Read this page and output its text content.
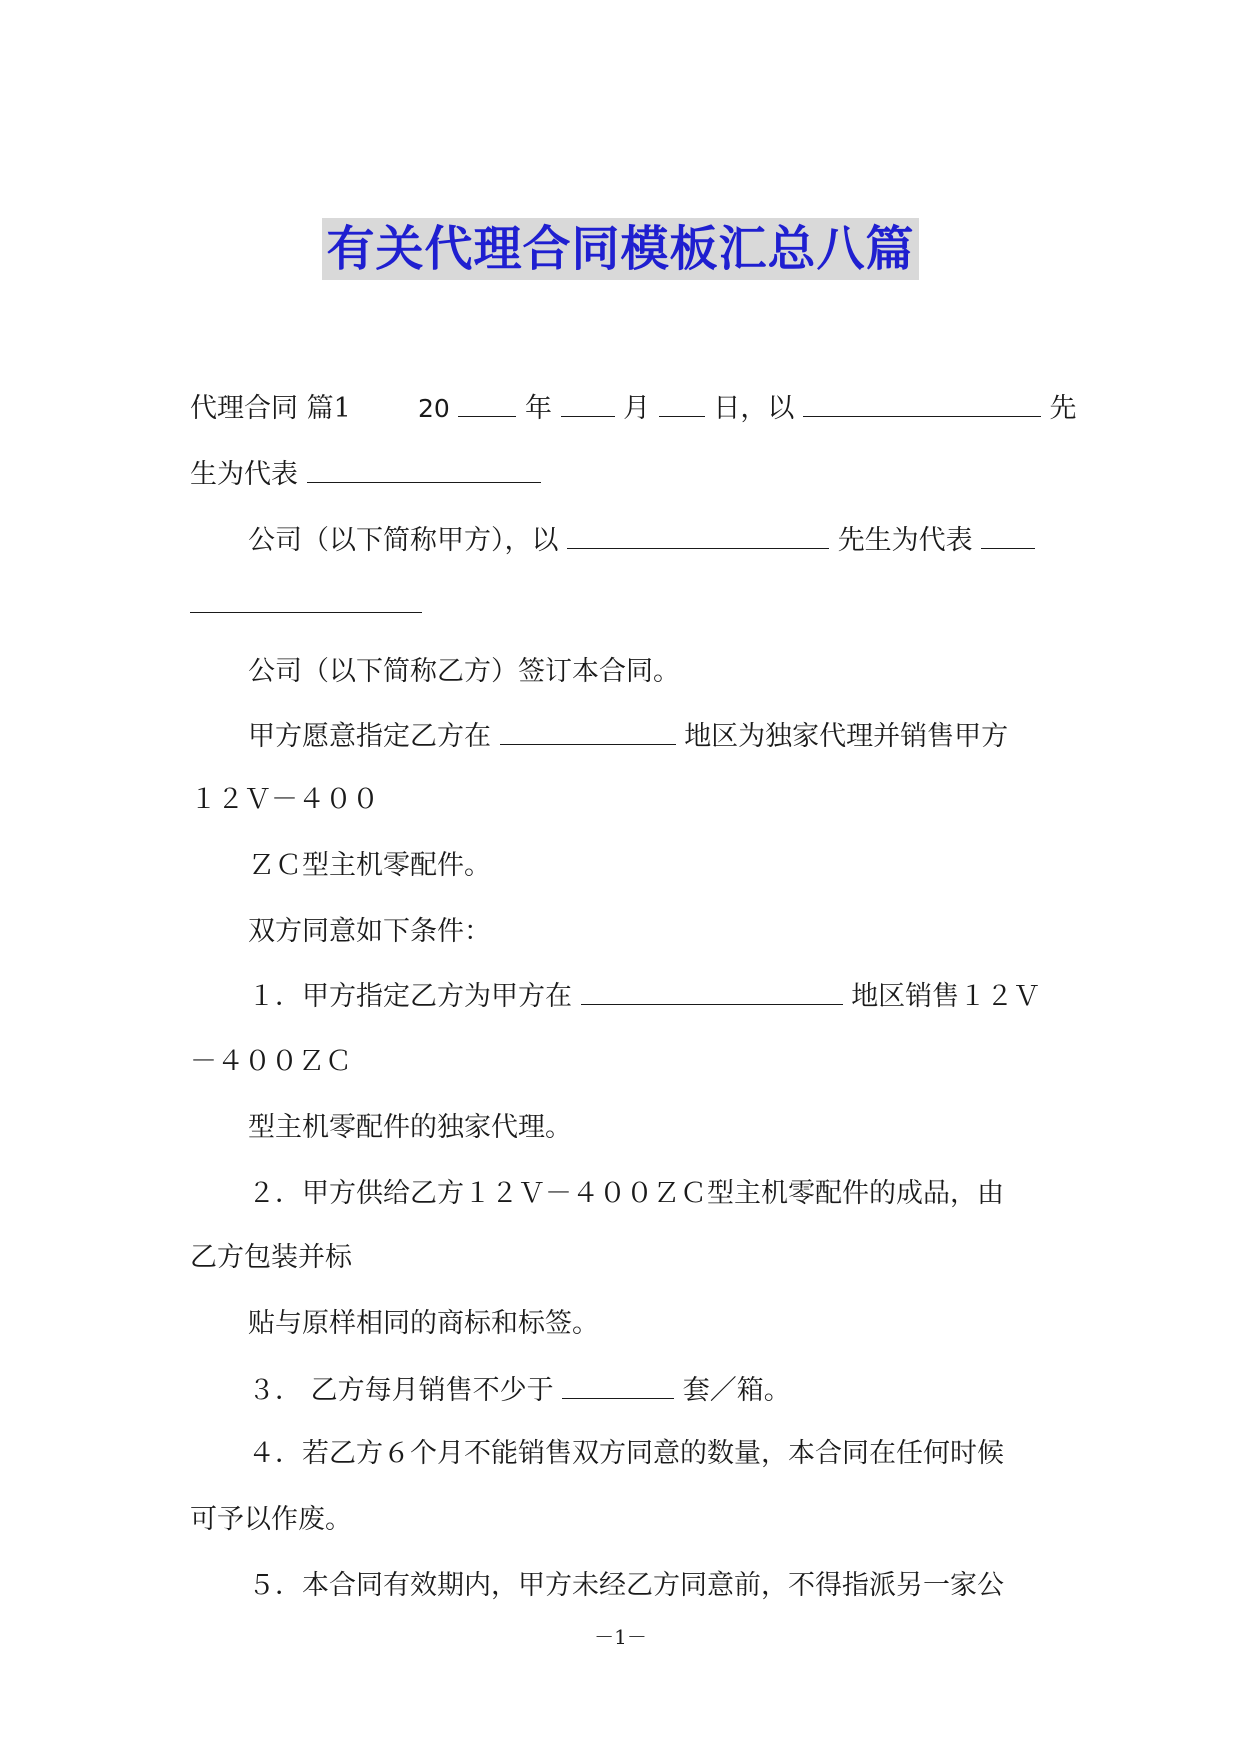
有关代理合同模板汇总八篇
代理合同 篇1	20	年	月 日，以	先
生为代表
公司（以下简称甲方），以	先生为代表
公司（以下简称乙方）签订本合同。
甲方愿意指定乙方在	地区为独家代理并销售甲方
１２Ｖ－４００
ＺＣ型主机零配件。
双方同意如下条件：
１．甲方指定乙方为甲方在	地区销售１２Ｖ
－４００ＺＣ
型主机零配件的独家代理。
２．甲方供给乙方１２Ｖ－４００ＺＣ型主机零配件的成品，由
乙方包装并标
贴与原样相同的商标和标签。
３． 乙方每月销售不少于	套／箱。
４．若乙方６个月不能销售双方同意的数量，本合同在任何时候
可予以作废。
５．本合同有效期内，甲方未经乙方同意前，不得指派另一家公
－1－
